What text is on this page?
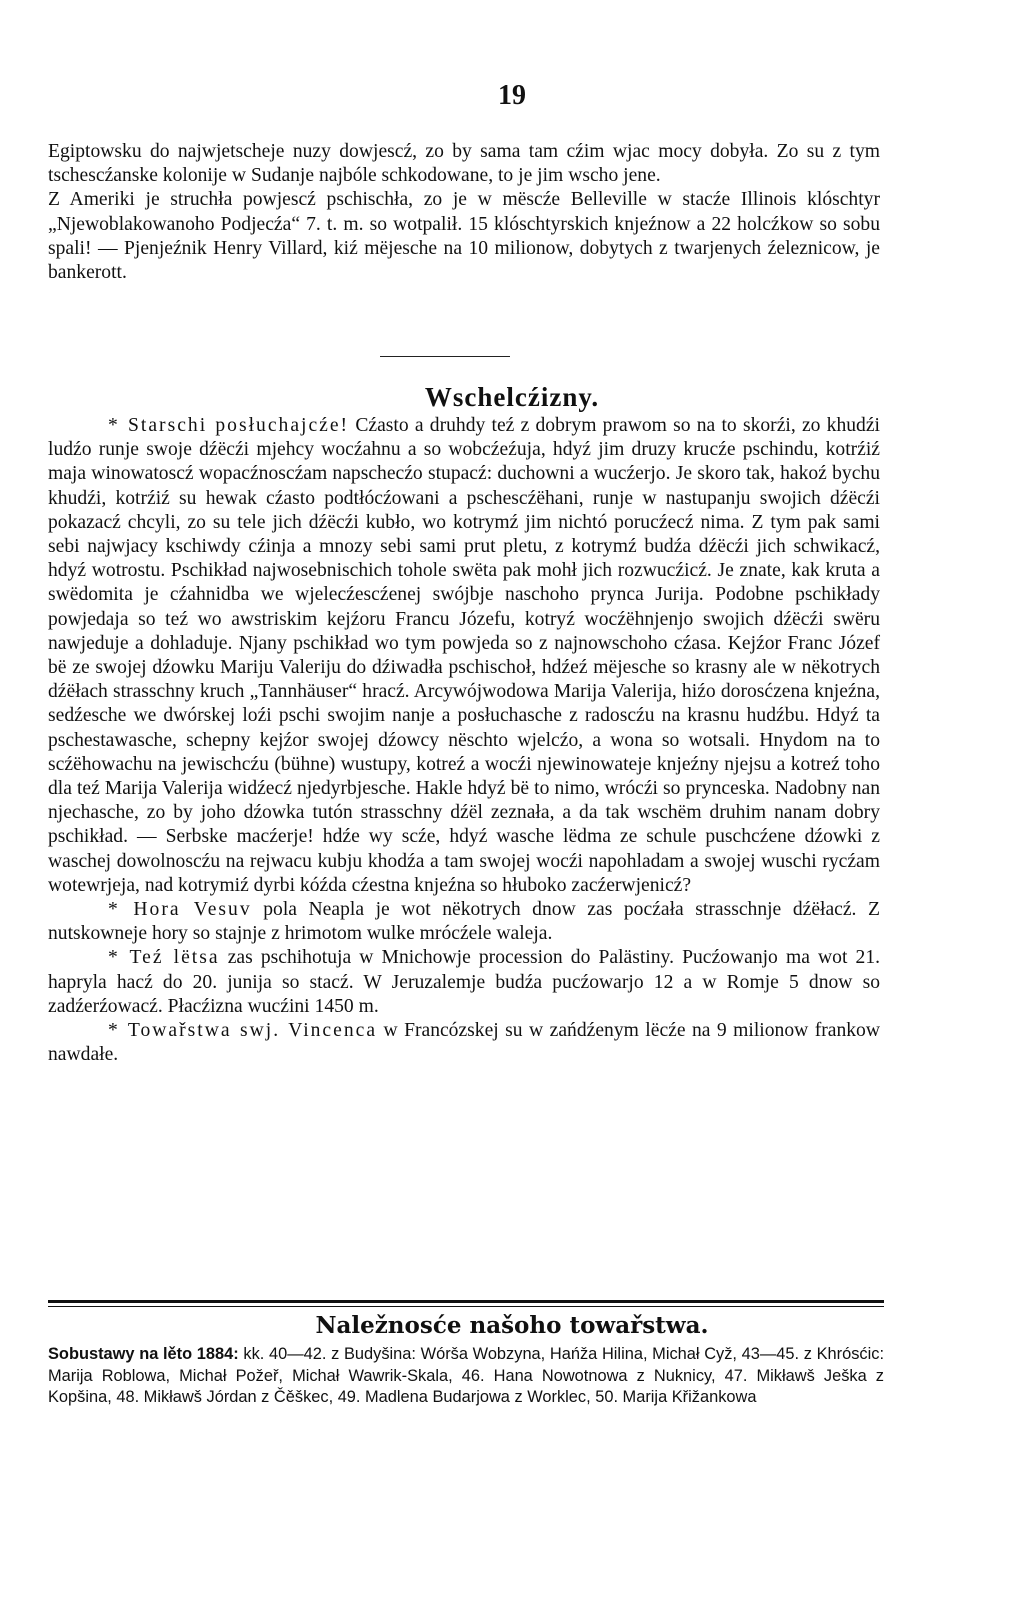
19

Egiptowsku do najwjetscheje nuzy dowjescź, zo by sama tam cźim wjac mocy dobyła. Zo su z tym tschescźanske kolonije w Sudanje najbóle schkodowane, to je jim wscho jene.

Z Ameriki je struchła powjescź pschischła, zo je w mëscźe Belleville w stacźe Illinois klóschtyr „Njewoblakowanoho Podjecźa“ 7. t. m. so wotpalił. 15 klóschtyrskich knjeźnow a 22 holcźkow so sobu spali! — Pjenjeźnik Henry Villard, kiź mëjesche na 10 milionow, dobytych z twarjenych źeleznicow, je bankerott.

Wschelcźizny.

* Starschi posłuchajcźe! Cźasto a druhdy teź z dobrym prawom so na to skorźi, zo khudźi ludźo runje swoje dźëcźi mjehcy wocźahnu a so wobcźeźuja, hdyź jim druzy krucźe pschindu, kotrźiź maja winowatoscź wopacźnoscźam napschecźo stupacź: duchowni a wucźerjo. Je skoro tak, hakoź bychu khudźi, kotrźiź su hewak cźasto podtłócźowani a pschescźëhani, runje w nastupanju swojich dźëcźi pokazacź chcyli, zo su tele jich dźëcźi kubło, wo kotrymź jim nichtó porucźecź nima. Z tym pak sami sebi najwjacy kschiwdy cźinja a mnozy sebi sami prut pletu, z kotrymź budźa dźëcźi jich schwikacź, hdyź wotrostu. Pschikład najwosebnischich tohole swëta pak mohł jich rozwucźicź. Je znate, kak kruta a swëdomita je cźahnidba we wjelecźescźenej swójbje naschoho prynca Jurija. Podobne pschikłady powjedaja so teź wo awstriskim kejźoru Francu Józefu, kotryź wocźëhnjenjo swojich dźëcźi swëru nawjeduje a dohladuje. Njany pschikład wo tym powjeda so z najnowschoho cźasa. Kejźor Franc Józef bë ze swojej dźowku Mariju Valeriju do dźiwadła pschischoł, hdźeź mëjesche so krasny ale w nëkotrych dźëłach strasschny kruch „Tannhäuser“ hracź. Arcywójwodowa Marija Valerija, hiźo dorosćzena knjeźna, sedźesche we dwórskej loźi pschi swojim nanje a posłuchasche z radoscźu na krasnu hudźbu. Hdyź ta pschestawasche, schepny kejźor swojej dźowcy nëschto wjelcźo, a wona so wotsali. Hnydom na to scźëhowachu na jewischcźu (bühne) wustupy, kotreź a wocźi njewinowateje knjeźny njejsu a kotreź toho dla teź Marija Valerija widźecź njedyrbjesche. Hakle hdyź bë to nimo, wrócźi so prynceska. Nadobny nan njechasche, zo by joho dźowka tutón strasschny dźël zeznała, a da tak wschëm druhim nanam dobry pschikład. — Serbske macźerje! hdźe wy scźe, hdyź wasche lëdma ze schule puschcźene dźowki z waschej dowolnoscźu na rejwacu kubju khodźa a tam swojej wocźi napohladam a swojej wuschi rycźam wotewrjeja, nad kotrymiź dyrbi kóźda cźestna knjeźna so hłuboko zacźerwjenicź?

* Hora Vesuv pola Neapla je wot nëkotrych dnow zas pocźała strasschnje dźëłacź. Z nutskowneje hory so stajnje z hrimotom wulke mrócźele waleja.

* Teź lëtsa zas pschihotuja w Mnichowje procession do Palästiny. Pucźowanjo ma wot 21. hapryla hacź do 20. junija so stacź. W Jeruzalemje budźa pucźowarjo 12 a w Romje 5 dnow so zadźerźowacź. Płacźizna wucźini 1450 m.

* Towařstwa swj. Vincenca w Francózskej su w zańdźenym lëcźe na 9 milionow frankow nawdałe.

Naležnosće našoho towařstwa.
Sobustawy na lěto 1884: kk. 40—42. z Budyšina: Wórša Wobzyna, Hańža Hilina, Michał Cyž, 43—45. z Khrósćic: Marija Roblowa, Michał Požeř, Michał Wawrik-Skala, 46. Hana Nowotnowa z Nuknicy, 47. Mikławš Ješka z Kopšina, 48. Mikławš Jórdan z Čěškec, 49. Madlena Budarjowa z Worklec, 50. Marija Křižankowa
